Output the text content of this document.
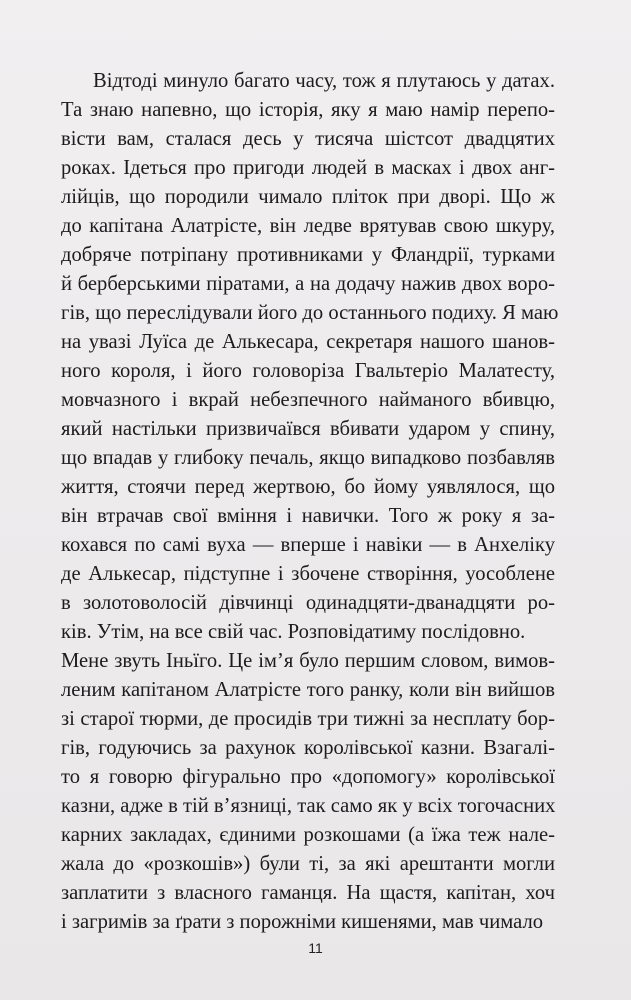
Відтоді минуло багато часу, тож я плутаюсь у датах.
Та знаю напевно, що історія, яку я маю намір перепо-
вісти вам, сталася десь у тисяча шістсот двадцятих
роках. Ідеться про пригоди людей в масках і двох анг-
лійців, що породили чимало пліток при дворі. Що ж
до капітана Алатрісте, він ледве врятував свою шкуру,
добряче потріпану противниками у Фландрії, турками
й берберськими піратами, а на додачу нажив двох воро-
гів, що переслідували його до останнього подиху. Я маю
на увазі Луїса де Алькесара, секретаря нашого шанов-
ного короля, і його головоріза Гвальтеріо Малатесту,
мовчазного і вкрай небезпечного найманого вбивцю,
який настільки призвичаївся вбивати ударом у спину,
що впадав у глибоку печаль, якщо випадково позбавляв
життя, стоячи перед жертвою, бо йому уявлялося, що
він втрачав свої вміння і навички. Того ж року я за-
кохався по самі вуха — вперше і навіки — в Анхеліку
де Алькесар, підступне і збочене створіння, уособлене
в золотоволосій дівчинці одинадцяти-дванадцяти ро-
ків. Утім, на все свій час. Розповідатиму послідовно.
Мене звуть Іньїго. Це ім’я було першим словом, вимов-
леним капітаном Алатрісте того ранку, коли він вийшов
зі старої тюрми, де просидів три тижні за несплату бор-
гів, годуючись за рахунок королівської казни. Взагалі-
то я говорю фігурально про «допомогу» королівської
казни, адже в тій в’язниці, так само як у всіх тогочасних
карних закладах, єдиними розкошами (а їжа теж нале-
жала до «розкошів») були ті, за які арештанти могли
заплатити з власного гаманця. На щастя, капітан, хоч
і загримів за ґрати з порожніми кишенями, мав чимало
11
